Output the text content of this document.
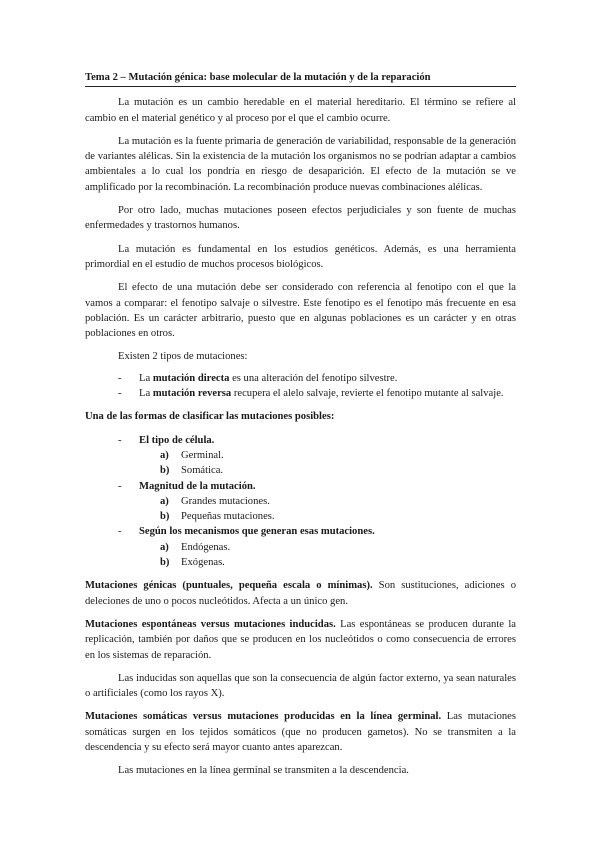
Tema 2 – Mutación génica: base molecular de la mutación y de la reparación

La mutación es un cambio heredable en el material hereditario. El término se refiere al cambio en el material genético y al proceso por el que el cambio ocurre.

La mutación es la fuente primaria de generación de variabilidad, responsable de la generación de variantes alélicas. Sin la existencia de la mutación los organismos no se podrían adaptar a cambios ambientales a lo cual los pondría en riesgo de desaparición. El efecto de la mutación se ve amplificado por la recombinación. La recombinación produce nuevas combinaciones alélicas.

Por otro lado, muchas mutaciones poseen efectos perjudiciales y son fuente de muchas enfermedades y trastornos humanos.

La mutación es fundamental en los estudios genéticos. Además, es una herramienta primordial en el estudio de muchos procesos biológicos.

El efecto de una mutación debe ser considerado con referencia al fenotipo con el que la vamos a comparar: el fenotipo salvaje o silvestre. Este fenotipo es el fenotipo más frecuente en esa población. Es un carácter arbitrario, puesto que en algunas poblaciones es un carácter y en otras poblaciones en otros.

Existen 2 tipos de mutaciones:

- La mutación directa es una alteración del fenotipo silvestre.
- La mutación reversa recupera el alelo salvaje, revierte el fenotipo mutante al salvaje.
Una de las formas de clasificar las mutaciones posibles:
- El tipo de célula.
a) Germinal.
b) Somática.
- Magnitud de la mutación.
a) Grandes mutaciones.
b) Pequeñas mutaciones.
- Según los mecanismos que generan esas mutaciones.
a) Endógenas.
b) Exógenas.

Mutaciones génicas (puntuales, pequeña escala o mínimas). Son sustituciones, adiciones o deleciones de uno o pocos nucleótidos. Afecta a un único gen.

Mutaciones espontáneas versus mutaciones inducidas. Las espontáneas se producen durante la replicación, también por daños que se producen en los nucleótidos o como consecuencia de errores en los sistemas de reparación.

Las inducidas son aquellas que son la consecuencia de algún factor externo, ya sean naturales o artificiales (como los rayos X).

Mutaciones somáticas versus mutaciones producidas en la línea germinal. Las mutaciones somáticas surgen en los tejidos somáticos (que no producen gametos). No se transmiten a la descendencia y su efecto será mayor cuanto antes aparezcan.

Las mutaciones en la línea germinal se transmiten a la descendencia.
